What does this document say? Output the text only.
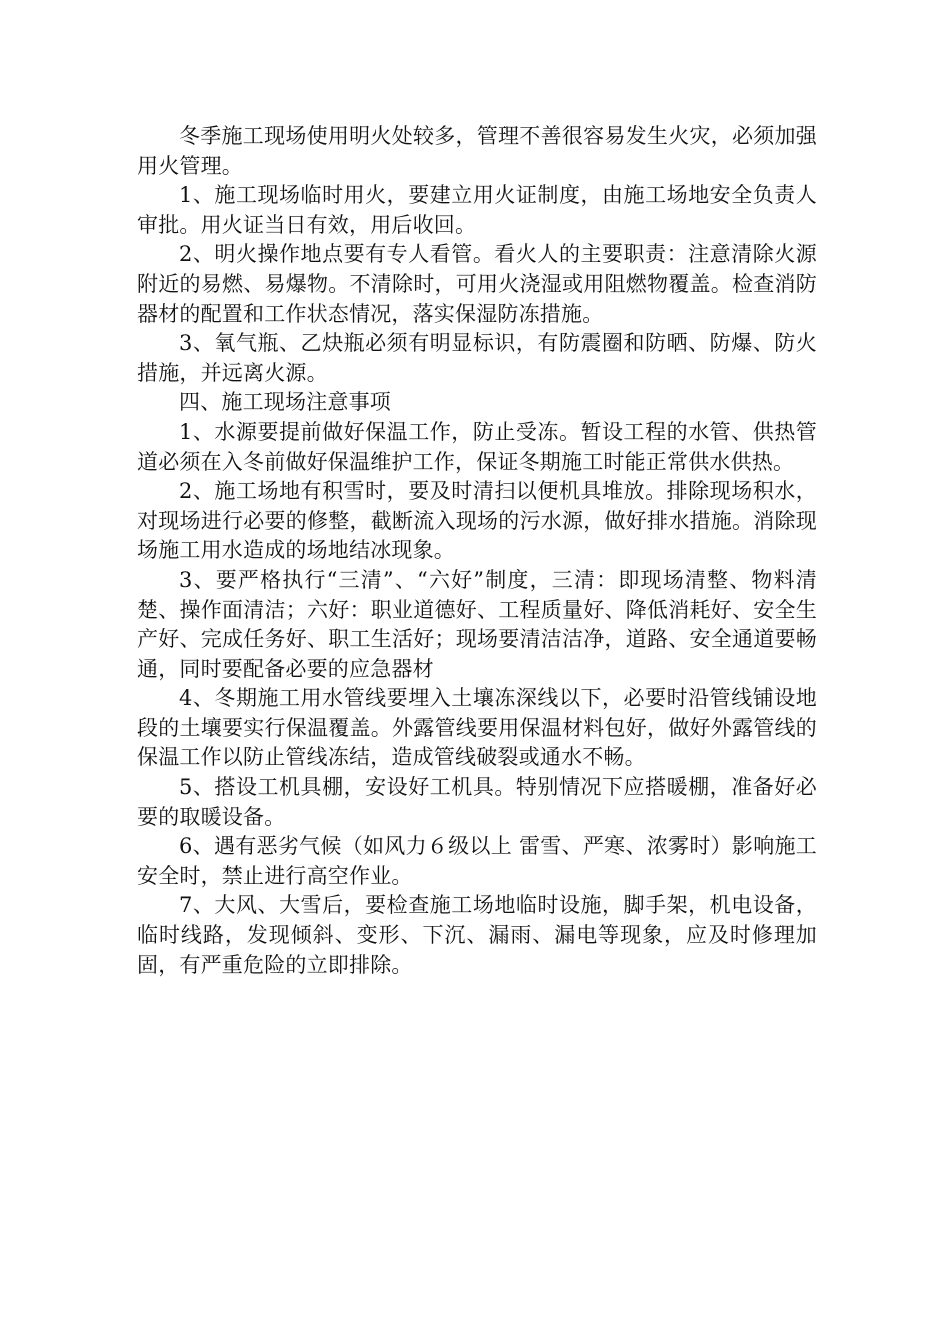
冬季施工现场使用明火处较多，管理不善很容易发生火灾，必须加强用火管理。

1、施工现场临时用火，要建立用火证制度，由施工场地安全负责人审批。用火证当日有效，用后收回。

2、明火操作地点要有专人看管。看火人的主要职责：注意清除火源附近的易燃、易爆物。不清除时，可用火浇湿或用阻燃物覆盖。检查消防器材的配置和工作状态情况，落实保湿防冻措施。

3、氧气瓶、乙炔瓶必须有明显标识，有防震圈和防晒、防爆、防火措施，并远离火源。

四、施工现场注意事项

1、水源要提前做好保温工作，防止受冻。暂设工程的水管、供热管道必须在入冬前做好保温维护工作，保证冬期施工时能正常供水供热。

2、施工场地有积雪时，要及时清扫以便机具堆放。排除现场积水，对现场进行必要的修整，截断流入现场的污水源，做好排水措施。消除现场施工用水造成的场地结冰现象。

3、要严格执行“三清”、“六好”制度，三清：即现场清整、物料清楚、操作面清洁；六好：职业道德好、工程质量好、降低消耗好、安全生产好、完成任务好、职工生活好；现场要清洁洁净，道路、安全通道要畅通，同时要配备必要的应急器材

4、冬期施工用水管线要埋入土壤冻深线以下，必要时沿管线铺设地段的土壤要实行保温覆盖。外露管线要用保温材料包好，做好外露管线的保温工作以防止管线冻结，造成管线破裂或通水不畅。

5、搭设工机具棚，安设好工机具。特别情况下应搭暖棚，准备好必要的取暖设备。

6、遇有恶劣气候（如风力６级以上 雷雪、严寒、浓雾时）影响施工安全时，禁止进行高空作业。

7、大风、大雪后，要检查施工场地临时设施，脚手架，机电设备，临时线路，发现倾斜、变形、下沉、漏雨、漏电等现象，应及时修理加固，有严重危险的立即排除。
